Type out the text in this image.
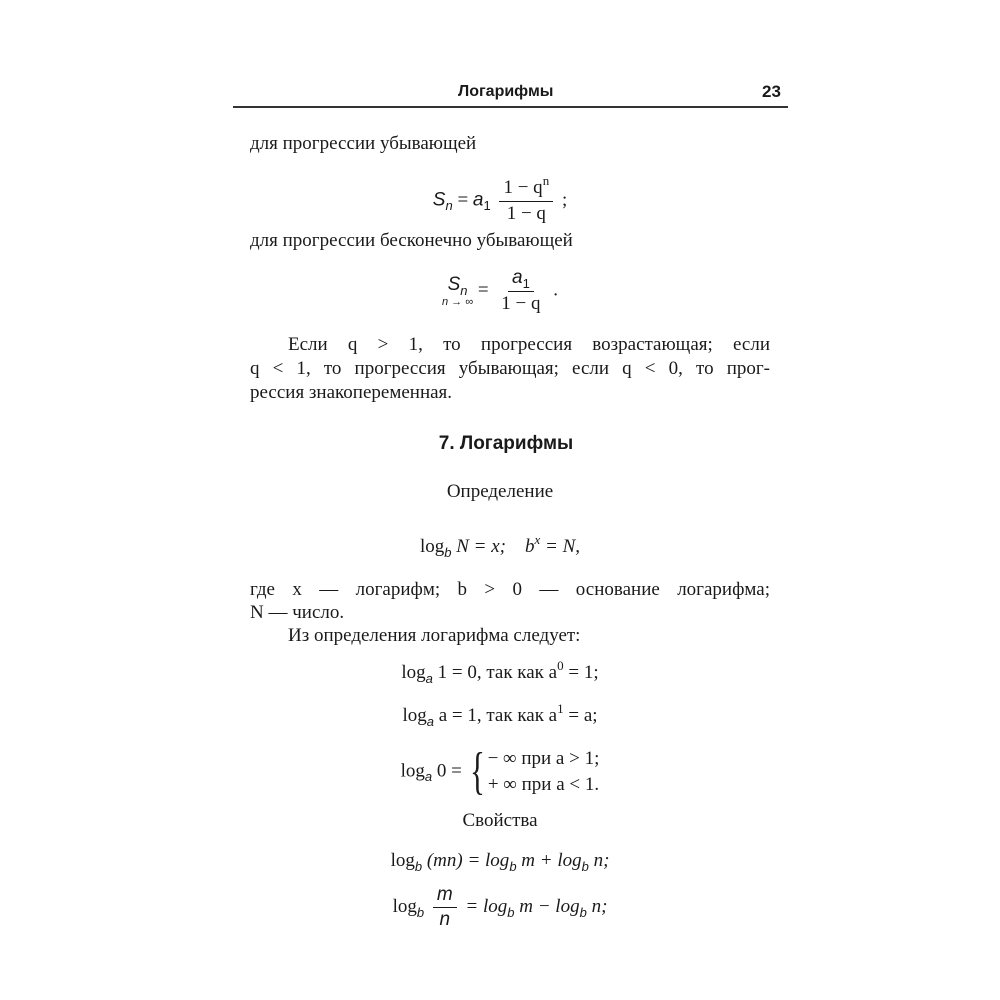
Логарифмы	23
для прогрессии убывающей
$S_n = a_1 \frac{1 - q^n}{1 - q}$ ;
для прогрессии бесконечно убывающей
$S_n$
n → ∞
= $\frac{a_1}{1 - q}$ .
Если q > 1, то прогрессия возрастающая; если
q < 1, то прогрессия убывающая; если q < 0, то прог-
рессия знакопеременная.
7. Логарифмы
Определение
$\log_b N = x$; $b^x = N$,
где x — логарифм; b > 0 — основание логарифма;
N — число.
Из определения логарифма следует:
$\log_a 1 = 0$, так как $a^0 = 1$;
$\log_a a = 1$, так как $a^1 = a$;
$\log_a 0$ = { − ∞ при a > 1;
+ ∞ при a < 1.
Свойства
$\log_b (mn) = \log_b m + \log_b n$;
$\log_b \frac{m}{n} = \log_b m - \log_b n$;
